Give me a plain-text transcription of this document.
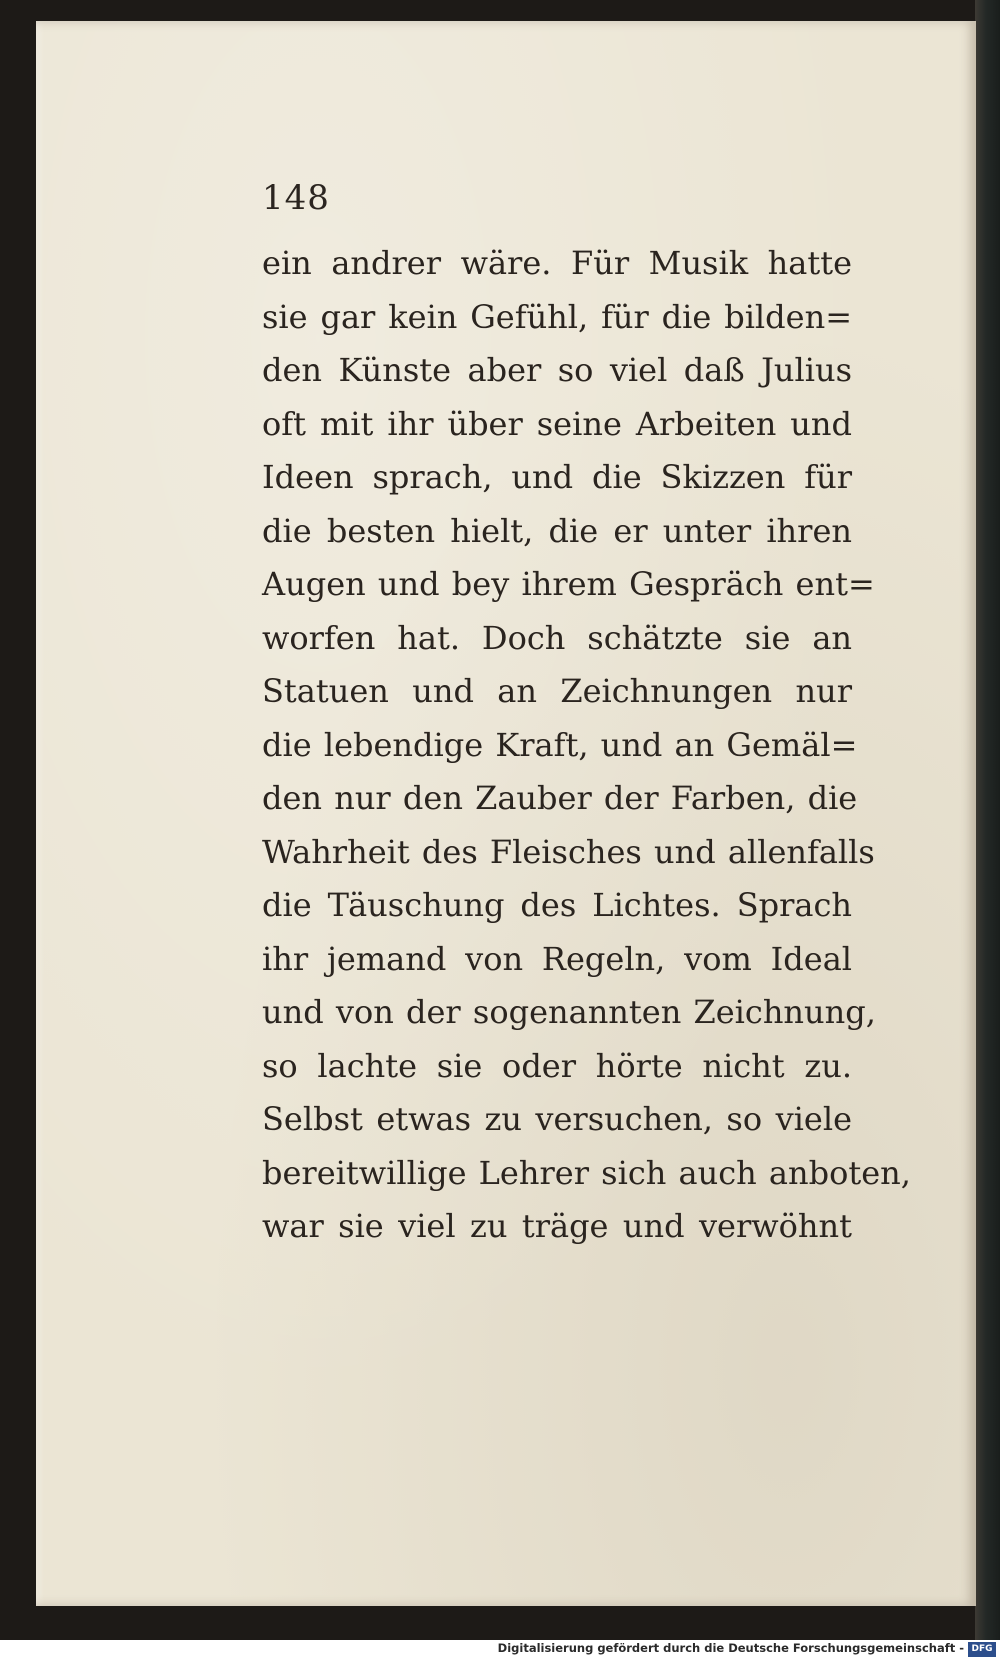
148
ein andrer wäre. Für Musik hatte
sie gar kein Gefühl, für die bilden=
den Künste aber so viel daß Julius
oft mit ihr über seine Arbeiten und
Ideen sprach, und die Skizzen für
die besten hielt, die er unter ihren
Augen und bey ihrem Gespräch ent=
worfen hat. Doch schätzte sie an
Statuen und an Zeichnungen nur
die lebendige Kraft, und an Gemäl=
den nur den Zauber der Farben, die
Wahrheit des Fleisches und allenfalls
die Täuschung des Lichtes. Sprach
ihr jemand von Regeln, vom Ideal
und von der sogenannten Zeichnung,
so lachte sie oder hörte nicht zu.
Selbst etwas zu versuchen, so viele
bereitwillige Lehrer sich auch anboten,
war sie viel zu träge und verwöhnt
Digitalisierung gefördert durch die Deutsche Forschungsgemeinschaft - DFG
